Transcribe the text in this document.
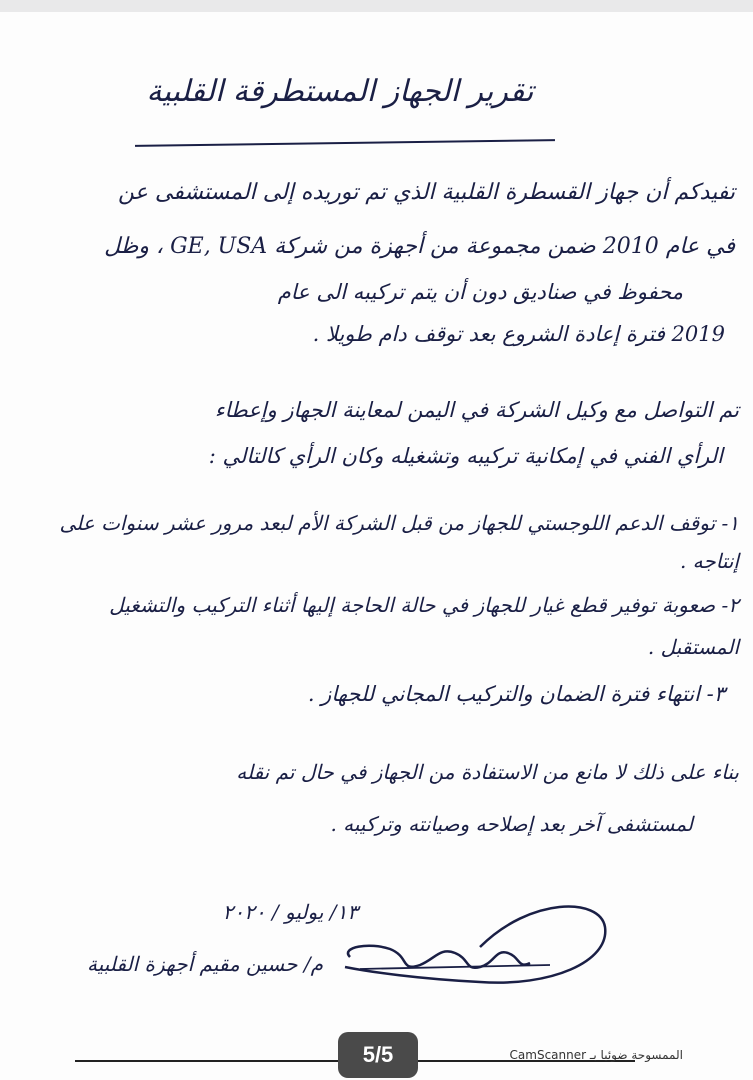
تقرير الجهاز المستطرقة القلبية
تفيدكم أن جهاز القسطرة القلبية الذي تم توريده إلى المستشفى عن
في عام 2010 ضمن مجموعة من أجهزة من شركة GE, USA ، وظل
محفوظ في صناديق دون أن يتم تركيبه الى عام
2019 فترة إعادة الشروع بعد توقف دام طويلا .
تم التواصل مع وكيل الشركة في اليمن لمعاينة الجهاز وإعطاء
الرأي الفني في إمكانية تركيبه وتشغيله وكان الرأي كالتالي :
١- توقف الدعم اللوجستي للجهاز من قبل الشركة الأم لبعد مرور عشر سنوات على إنتاجه .
٢- صعوبة توفير قطع غيار للجهاز في حالة الحاجة إليها أثناء التركيب والتشغيل المستقبل .
٣- انتهاء فترة الضمان والتركيب المجاني للجهاز .
بناء على ذلك لا مانع من الاستفادة من الجهاز في حال تم نقله
لمستشفى آخر بعد إصلاحه وصيانته وتركيبه .
١٣/ يوليو / ٢٠٢٠
م/ حسين مقيم أجهزة القلبية
5/5	الممسوحة ضوئيا بـ CamScanner
